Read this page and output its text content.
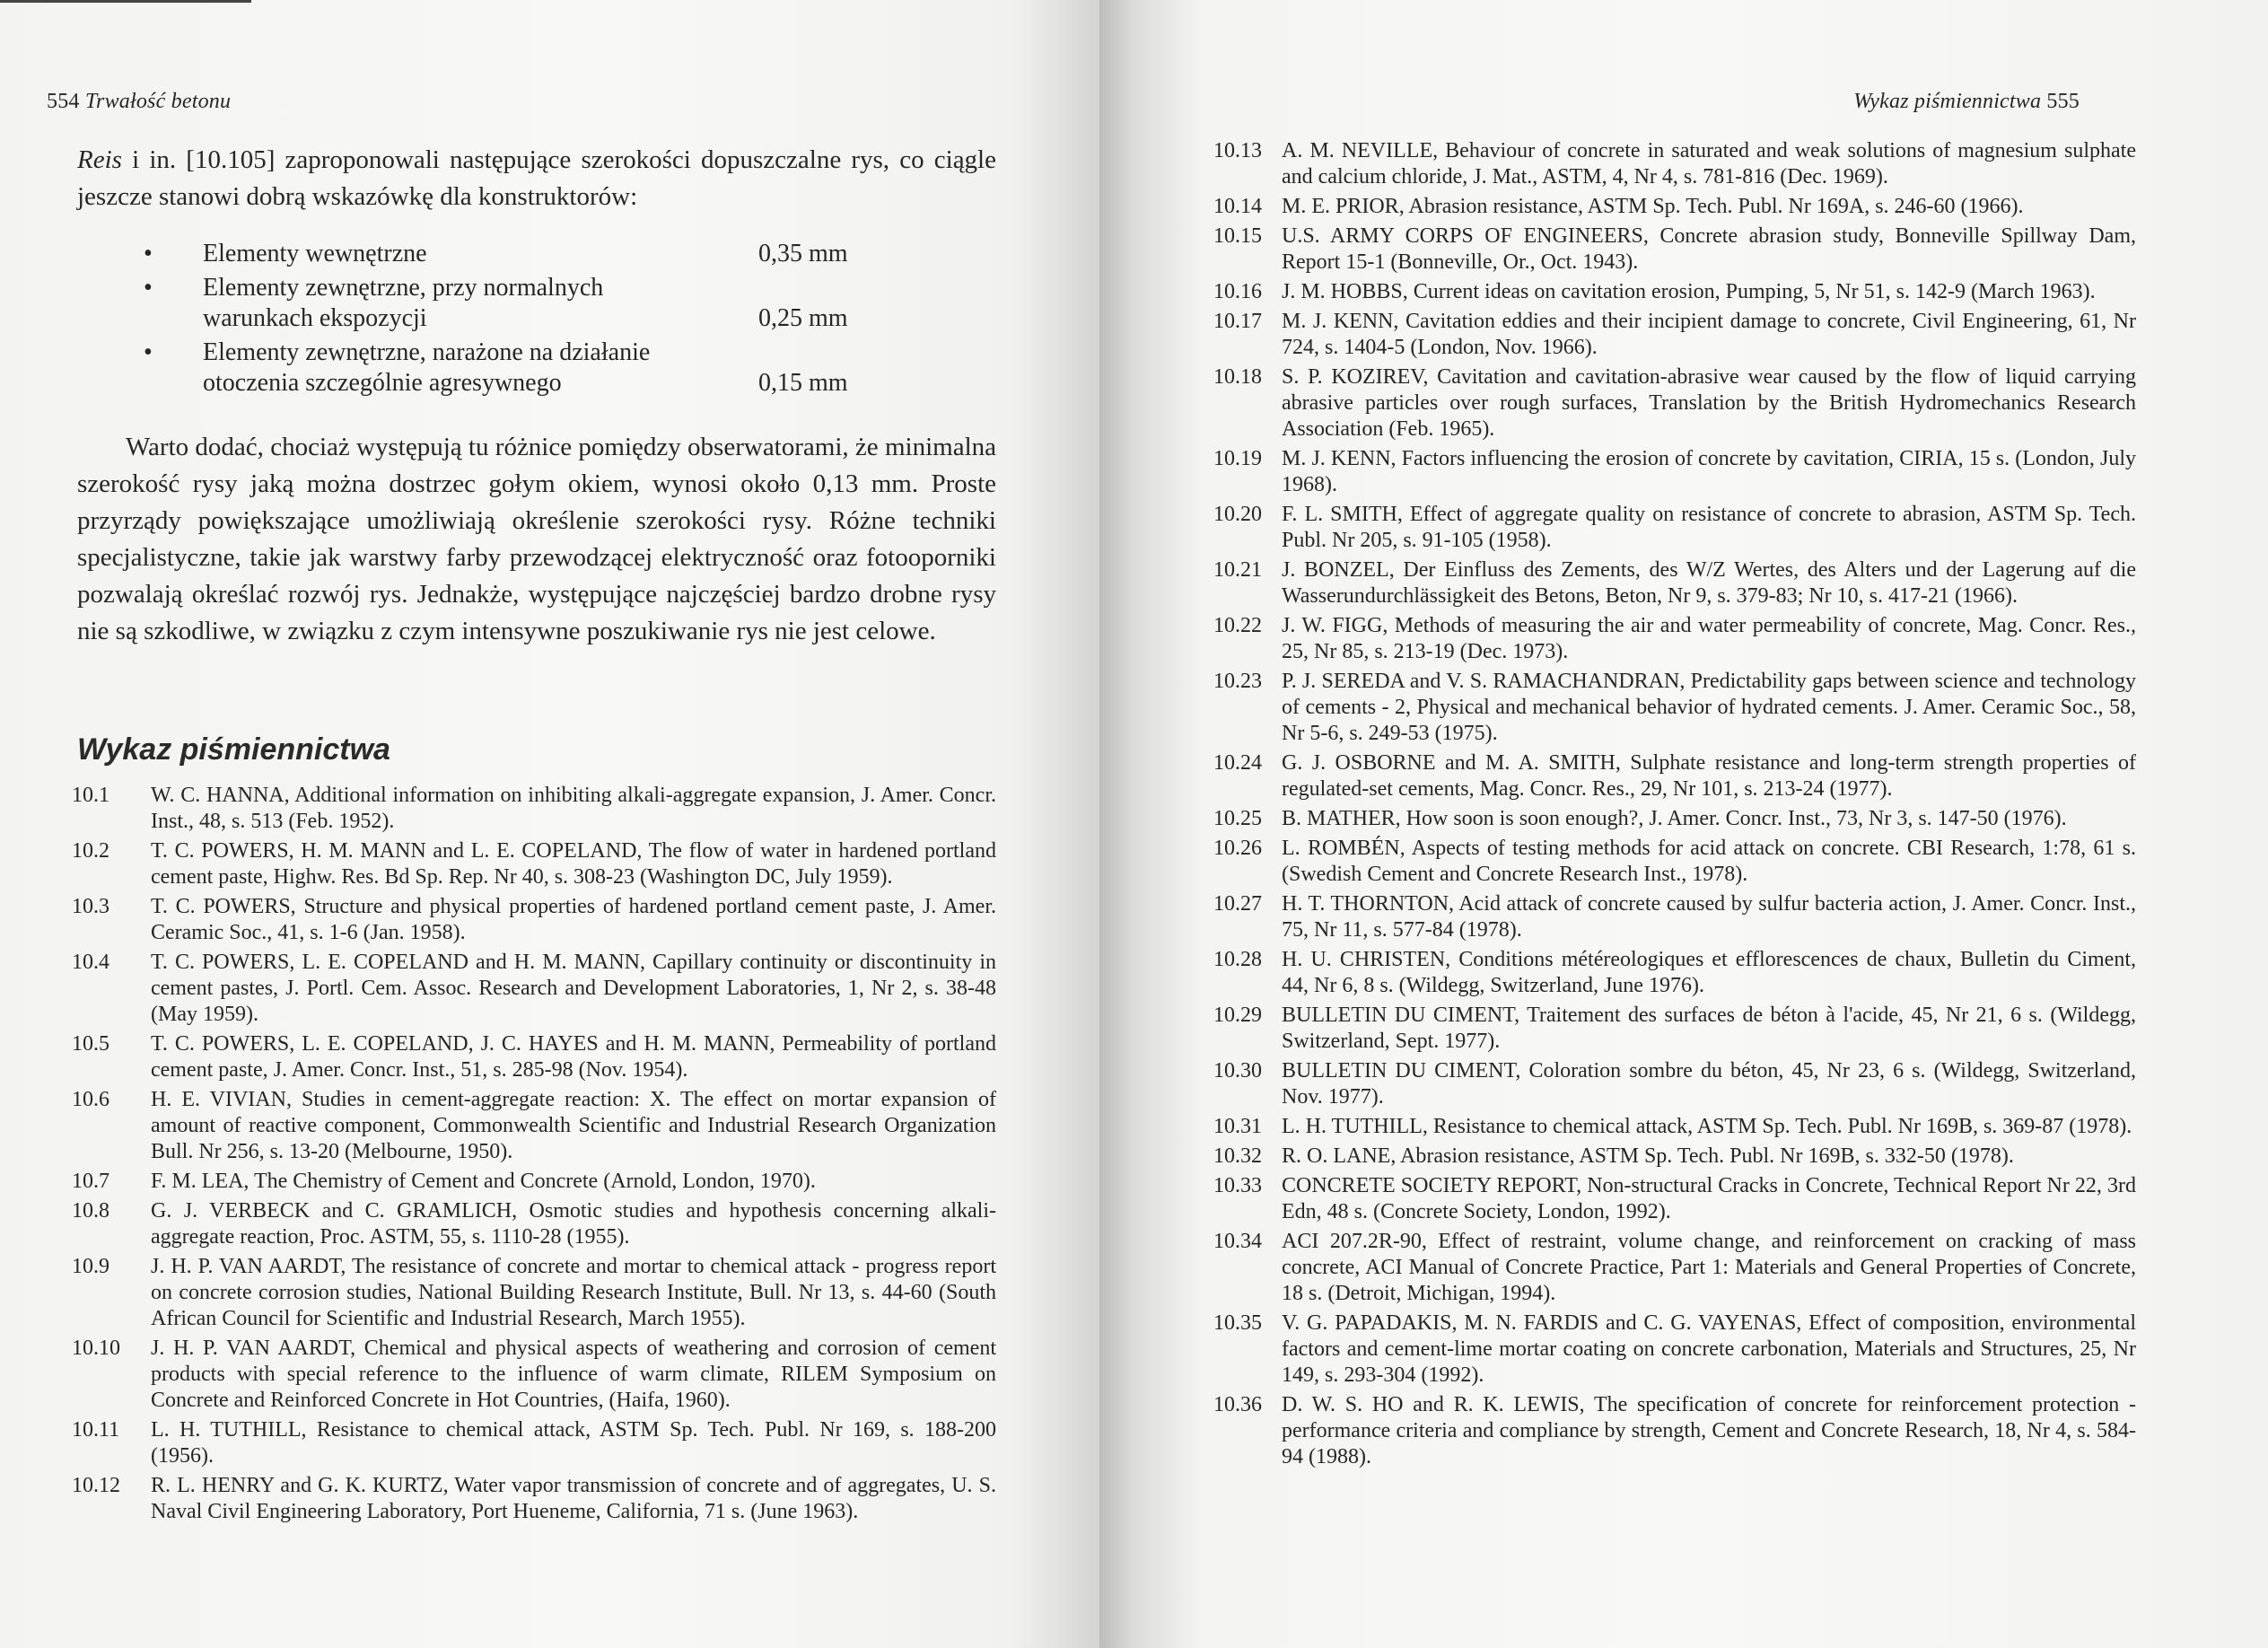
554 Trwałość betonu
Reis i in. [10.105] zaproponowali następujące szerokości dopuszczalne rys, co ciągle jeszcze stanowi dobrą wskazówkę dla konstruktorów:
• Elementy wewnętrzne	0,35 mm
• Elementy zewnętrzne, przy normalnych warunkach ekspozycji	0,25 mm
• Elementy zewnętrzne, narażone na działanie otoczenia szczególnie agresywnego	0,15 mm
Warto dodać, chociaż występują tu różnice pomiędzy obserwatorami, że minimalna szerokość rysy jaką można dostrzec gołym okiem, wynosi około 0,13 mm. Proste przyrządy powiększające umożliwiają określenie szerokości rysy. Różne techniki specjalistyczne, takie jak warstwy farby przewodzącej elektryczność oraz fotooporniki pozwalają określać rozwój rys. Jednakże, występujące najczęściej bardzo drobne rysy nie są szkodliwe, w związku z czym intensywne poszukiwanie rys nie jest celowe.
Wykaz piśmiennictwa
10.1	W. C. HANNA, Additional information on inhibiting alkali-aggregate expansion, J. Amer. Concr. Inst., 48, s. 513 (Feb. 1952).
10.2	T. C. POWERS, H. M. MANN and L. E. COPELAND, The flow of water in hardened portland cement paste, Highw. Res. Bd Sp. Rep. Nr 40, s. 308-23 (Washington DC, July 1959).
10.3	T. C. POWERS, Structure and physical properties of hardened portland cement paste, J. Amer. Ceramic Soc., 41, s. 1-6 (Jan. 1958).
10.4	T. C. POWERS, L. E. COPELAND and H. M. MANN, Capillary continuity or discontinuity in cement pastes, J. Portl. Cem. Assoc. Research and Development Laboratories, 1, Nr 2, s. 38-48 (May 1959).
10.5	T. C. POWERS, L. E. COPELAND, J. C. HAYES and H. M. MANN, Permeability of portland cement paste, J. Amer. Concr. Inst., 51, s. 285-98 (Nov. 1954).
10.6	H. E. VIVIAN, Studies in cement-aggregate reaction: X. The effect on mortar expansion of amount of reactive component, Commonwealth Scientific and Industrial Research Organization Bull. Nr 256, s. 13-20 (Melbourne, 1950).
10.7	F. M. LEA, The Chemistry of Cement and Concrete (Arnold, London, 1970).
10.8	G. J. VERBECK and C. GRAMLICH, Osmotic studies and hypothesis concerning alkali-aggregate reaction, Proc. ASTM, 55, s. 1110-28 (1955).
10.9	J. H. P. VAN AARDT, The resistance of concrete and mortar to chemical attack - progress report on concrete corrosion studies, National Building Research Institute, Bull. Nr 13, s. 44-60 (South African Council for Scientific and Industrial Research, March 1955).
10.10	J. H. P. VAN AARDT, Chemical and physical aspects of weathering and corrosion of cement products with special reference to the influence of warm climate, RILEM Symposium on Concrete and Reinforced Concrete in Hot Countries, (Haifa, 1960).
10.11	L. H. TUTHILL, Resistance to chemical attack, ASTM Sp. Tech. Publ. Nr 169, s. 188-200 (1956).
10.12	R. L. HENRY and G. K. KURTZ, Water vapor transmission of concrete and of aggregates, U. S. Naval Civil Engineering Laboratory, Port Hueneme, California, 71 s. (June 1963).
Wykaz piśmiennictwa 555
10.13 A. M. NEVILLE, Behaviour of concrete in saturated and weak solutions of magnesium sulphate and calcium chloride, J. Mat., ASTM, 4, Nr 4, s. 781-816 (Dec. 1969).
10.14 M. E. PRIOR, Abrasion resistance, ASTM Sp. Tech. Publ. Nr 169A, s. 246-60 (1966).
10.15 U.S. ARMY CORPS OF ENGINEERS, Concrete abrasion study, Bonneville Spillway Dam, Report 15-1 (Bonneville, Or., Oct. 1943).
10.16 J. M. HOBBS, Current ideas on cavitation erosion, Pumping, 5, Nr 51, s. 142-9 (March 1963).
10.17 M. J. KENN, Cavitation eddies and their incipient damage to concrete, Civil Engineering, 61, Nr 724, s. 1404-5 (London, Nov. 1966).
10.18 S. P. KOZIREV, Cavitation and cavitation-abrasive wear caused by the flow of liquid carrying abrasive particles over rough surfaces, Translation by the British Hydromechanics Research Association (Feb. 1965).
10.19 M. J. KENN, Factors influencing the erosion of concrete by cavitation, CIRIA, 15 s. (London, July 1968).
10.20 F. L. SMITH, Effect of aggregate quality on resistance of concrete to abrasion, ASTM Sp. Tech. Publ. Nr 205, s. 91-105 (1958).
10.21 J. BONZEL, Der Einfluss des Zements, des W/Z Wertes, des Alters und der Lagerung auf die Wasserundurchlässigkeit des Betons, Beton, Nr 9, s. 379-83; Nr 10, s. 417-21 (1966).
10.22 J. W. FIGG, Methods of measuring the air and water permeability of concrete, Mag. Concr. Res., 25, Nr 85, s. 213-19 (Dec. 1973).
10.23 P. J. SEREDA and V. S. RAMACHANDRAN, Predictability gaps between science and technology of cements - 2, Physical and mechanical behavior of hydrated cements. J. Amer. Ceramic Soc., 58, Nr 5-6, s. 249-53 (1975).
10.24 G. J. OSBORNE and M. A. SMITH, Sulphate resistance and long-term strength properties of regulated-set cements, Mag. Concr. Res., 29, Nr 101, s. 213-24 (1977).
10.25 B. MATHER, How soon is soon enough?, J. Amer. Concr. Inst., 73, Nr 3, s. 147-50 (1976).
10.26 L. ROMBÉN, Aspects of testing methods for acid attack on concrete. CBI Research, 1:78, 61 s. (Swedish Cement and Concrete Research Inst., 1978).
10.27 H. T. THORNTON, Acid attack of concrete caused by sulfur bacteria action, J. Amer. Concr. Inst., 75, Nr 11, s. 577-84 (1978).
10.28 H. U. CHRISTEN, Conditions météreologiques et efflorescences de chaux, Bulletin du Ciment, 44, Nr 6, 8 s. (Wildegg, Switzerland, June 1976).
10.29 BULLETIN DU CIMENT, Traitement des surfaces de béton à l'acide, 45, Nr 21, 6 s. (Wildegg, Switzerland, Sept. 1977).
10.30 BULLETIN DU CIMENT, Coloration sombre du béton, 45, Nr 23, 6 s. (Wildegg, Switzerland, Nov. 1977).
10.31 L. H. TUTHILL, Resistance to chemical attack, ASTM Sp. Tech. Publ. Nr 169B, s. 369-87 (1978).
10.32 R. O. LANE, Abrasion resistance, ASTM Sp. Tech. Publ. Nr 169B, s. 332-50 (1978).
10.33 CONCRETE SOCIETY REPORT, Non-structural Cracks in Concrete, Technical Report Nr 22, 3rd Edn, 48 s. (Concrete Society, London, 1992).
10.34 ACI 207.2R-90, Effect of restraint, volume change, and reinforcement on cracking of mass concrete, ACI Manual of Concrete Practice, Part 1: Materials and General Properties of Concrete, 18 s. (Detroit, Michigan, 1994).
10.35 V. G. PAPADAKIS, M. N. FARDIS and C. G. VAYENAS, Effect of composition, environmental factors and cement-lime mortar coating on concrete carbonation, Materials and Structures, 25, Nr 149, s. 293-304 (1992).
10.36 D. W. S. HO and R. K. LEWIS, The specification of concrete for reinforcement protection - performance criteria and compliance by strength, Cement and Concrete Research, 18, Nr 4, s. 584-94 (1988).
